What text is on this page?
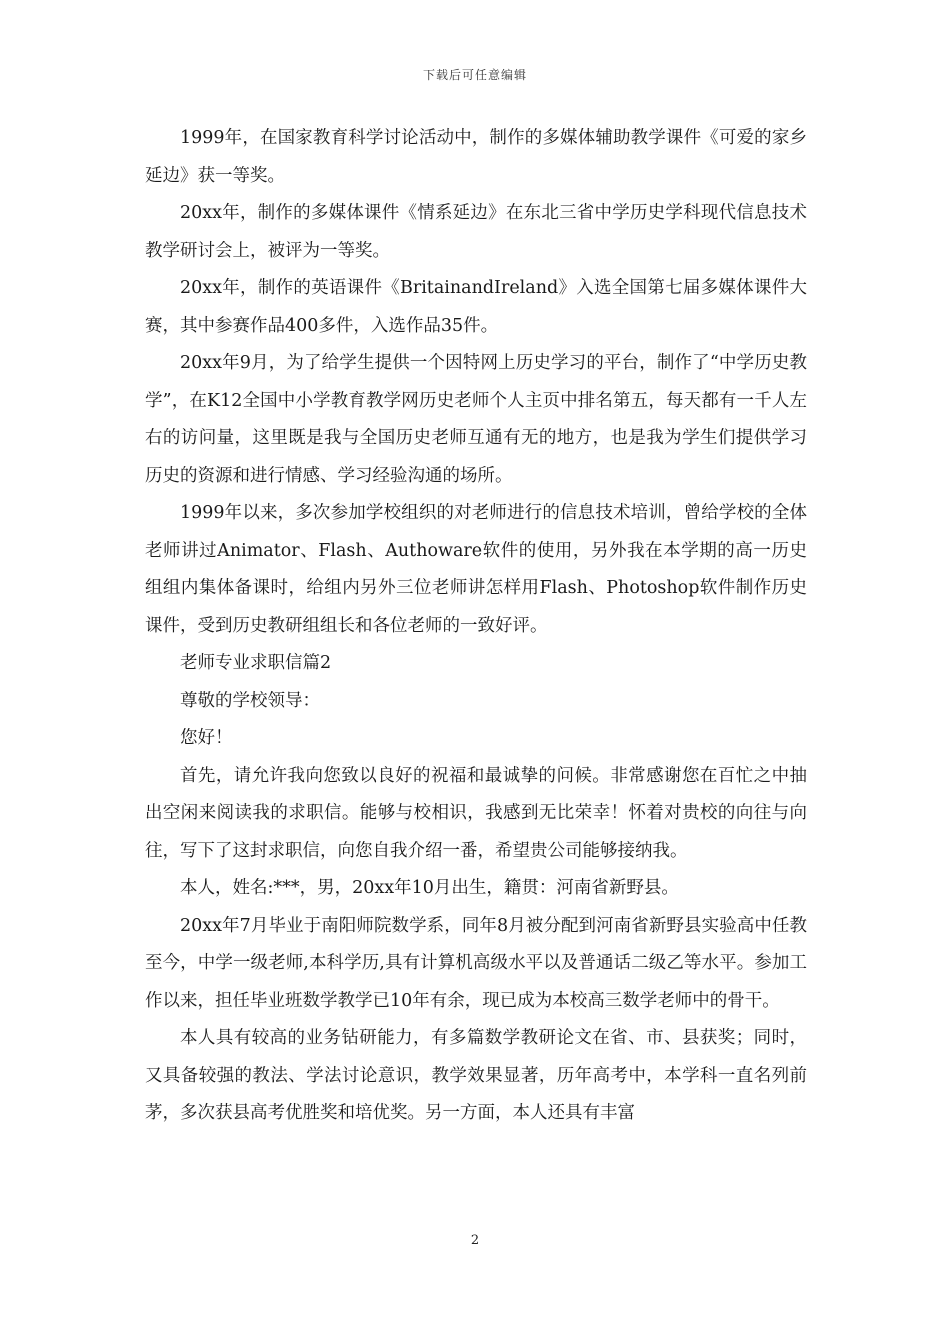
下载后可任意编辑

1999年，在国家教育科学讨论活动中，制作的多媒体辅助教学课件《可爱的家乡延边》获一等奖。

20xx年，制作的多媒体课件《情系延边》在东北三省中学历史学科现代信息技术教学研讨会上，被评为一等奖。

20xx年，制作的英语课件《BritainandIreland》入选全国第七届多媒体课件大赛，其中参赛作品400多件，入选作品35件。

20xx年9月，为了给学生提供一个因特网上历史学习的平台，制作了“中学历史教学”，在K12全国中小学教育教学网历史老师个人主页中排名第五，每天都有一千人左右的访问量，这里既是我与全国历史老师互通有无的地方，也是我为学生们提供学习历史的资源和进行情感、学习经验沟通的场所。

1999年以来，多次参加学校组织的对老师进行的信息技术培训，曾给学校的全体老师讲过Animator、Flash、Authoware软件的使用，另外我在本学期的高一历史组组内集体备课时，给组内另外三位老师讲怎样用Flash、Photoshop软件制作历史课件，受到历史教研组组长和各位老师的一致好评。

老师专业求职信篇2

尊敬的学校领导：

您好！

首先，请允许我向您致以良好的祝福和最诚挚的问候。非常感谢您在百忙之中抽出空闲来阅读我的求职信。能够与校相识，我感到无比荣幸！怀着对贵校的向往与向往，写下了这封求职信，向您自我介绍一番，希望贵公司能够接纳我。

本人，姓名:***，男，20xx年10月出生，籍贯：河南省新野县。

20xx年7月毕业于南阳师院数学系，同年8月被分配到河南省新野县实验高中任教至今，中学一级老师,本科学历,具有计算机高级水平以及普通话二级乙等水平。参加工作以来，担任毕业班数学教学已10年有余，现已成为本校高三数学老师中的骨干。

本人具有较高的业务钻研能力，有多篇数学教研论文在省、市、县获奖；同时，又具备较强的教法、学法讨论意识，教学效果显著，历年高考中，本学科一直名列前茅，多次获县高考优胜奖和培优奖。另一方面，本人还具有丰富

2
